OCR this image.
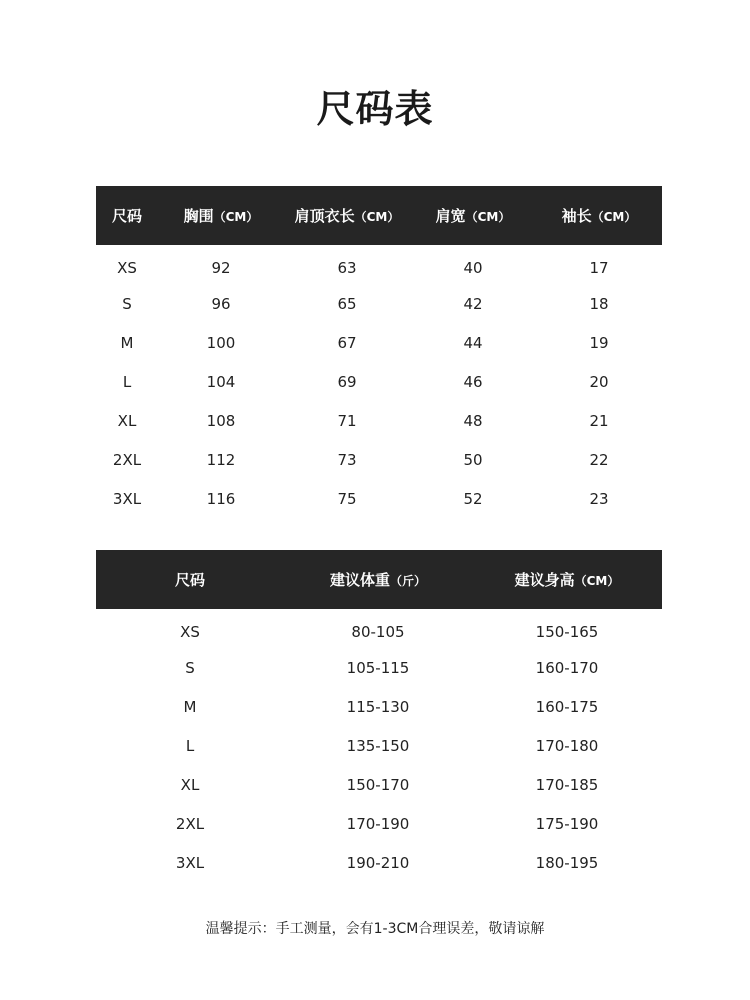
尺码表
尺码	胸围（CM）	肩顶衣长（CM）	肩宽（CM）	袖长（CM）
XS	92	63	40	17
S	96	65	42	18
M	100	67	44	19
L	104	69	46	20
XL	108	71	48	21
2XL	112	73	50	22
3XL	116	75	52	23
尺码	建议体重（斤）	建议身高（CM）
XS	80-105	150-165
S	105-115	160-170
M	115-130	160-175
L	135-150	170-180
XL	150-170	170-185
2XL	170-190	175-190
3XL	190-210	180-195
温馨提示：手工测量，会有1-3CM合理误差，敬请谅解
